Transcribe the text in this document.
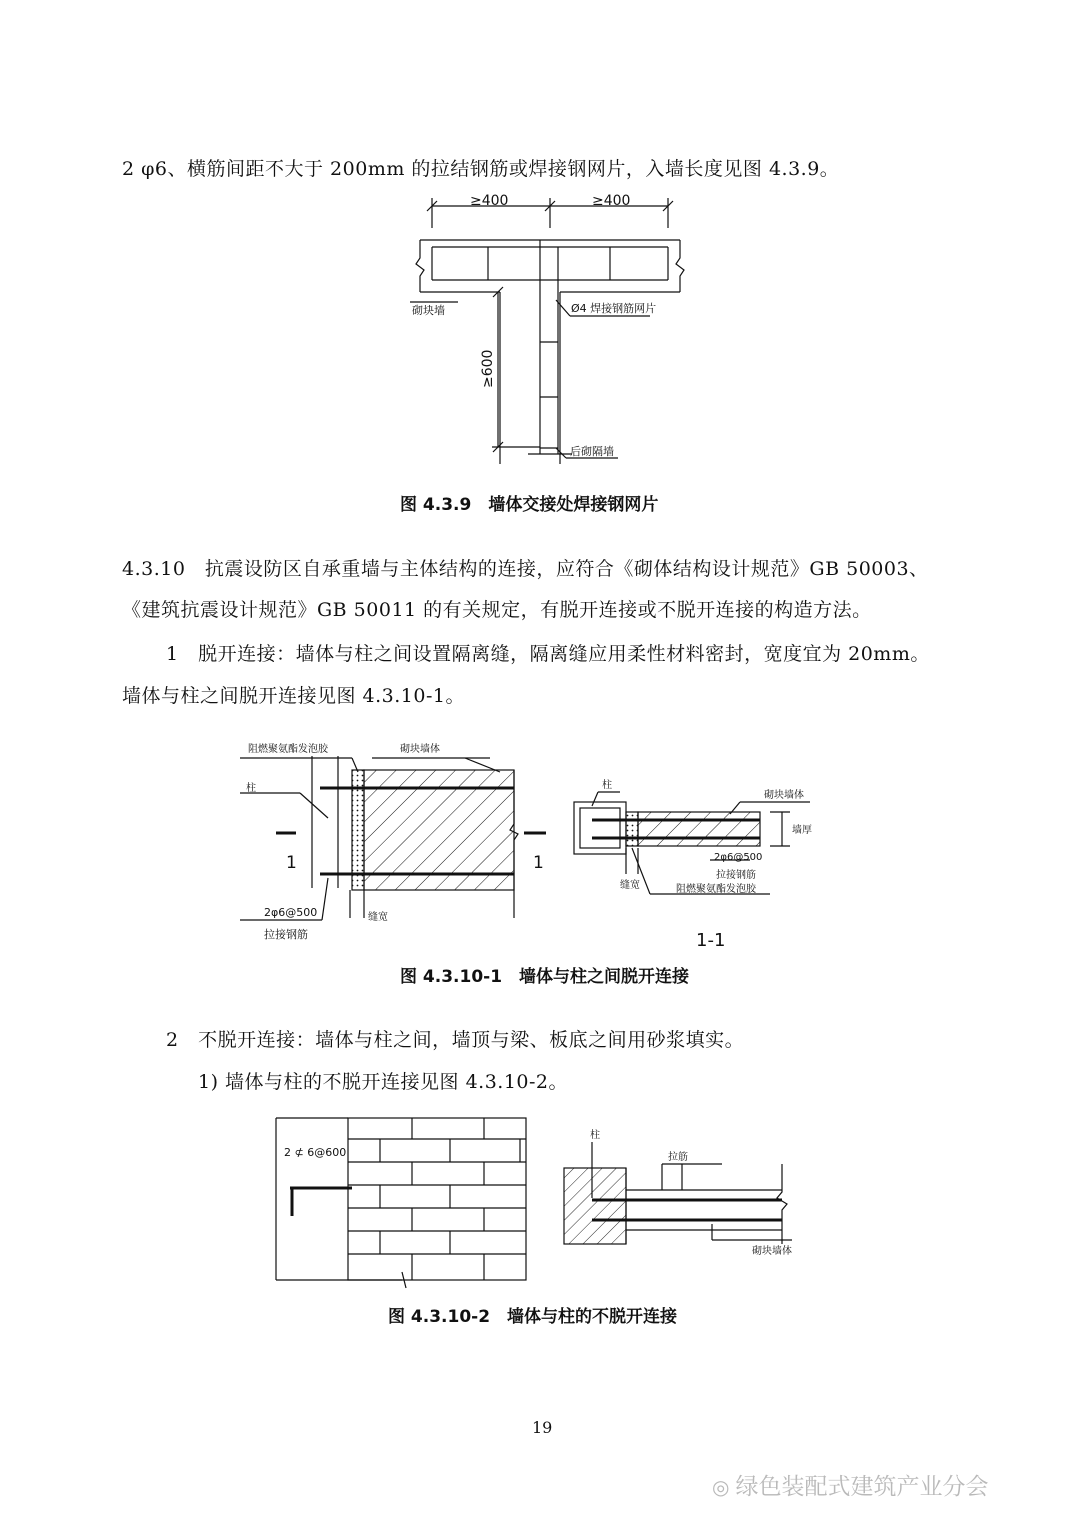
2 φ6、横筋间距不大于 200mm 的拉结钢筋或焊接钢网片，入墙长度见图 4.3.9。
≥400	≥400
≥600
砌块墙	Ø4 焊接钢筋网片
后砌隔墙
图 4.3.9　墙体交接处焊接钢网片
4.3.10　抗震设防区自承重墙与主体结构的连接，应符合《砌体结构设计规范》GB 50003、
《建筑抗震设计规范》GB 50011 的有关规定，有脱开连接或不脱开连接的构造方法。
1　脱开连接：墙体与柱之间设置隔离缝，隔离缝应用柔性材料密封，宽度宜为 20mm。
墙体与柱之间脱开连接见图 4.3.10-1。
阻燃聚氨酯发泡胶	砌块墙体
柱
1	1
2φ6@500
拉接钢筋
缝宽
柱
砌块墙体
墙厚
2φ6@500
拉接钢筋
缝宽	阻燃聚氨酯发泡胶
1-1
图 4.3.10-1　墙体与柱之间脱开连接
2　不脱开连接：墙体与柱之间，墙顶与梁、板底之间用砂浆填实。
1) 墙体与柱的不脱开连接见图 4.3.10-2。
2 ⊄ 6@600
柱
拉筋
砌块墙体
图 4.3.10-2　墙体与柱的不脱开连接
19
◎ 绿色装配式建筑产业分会
